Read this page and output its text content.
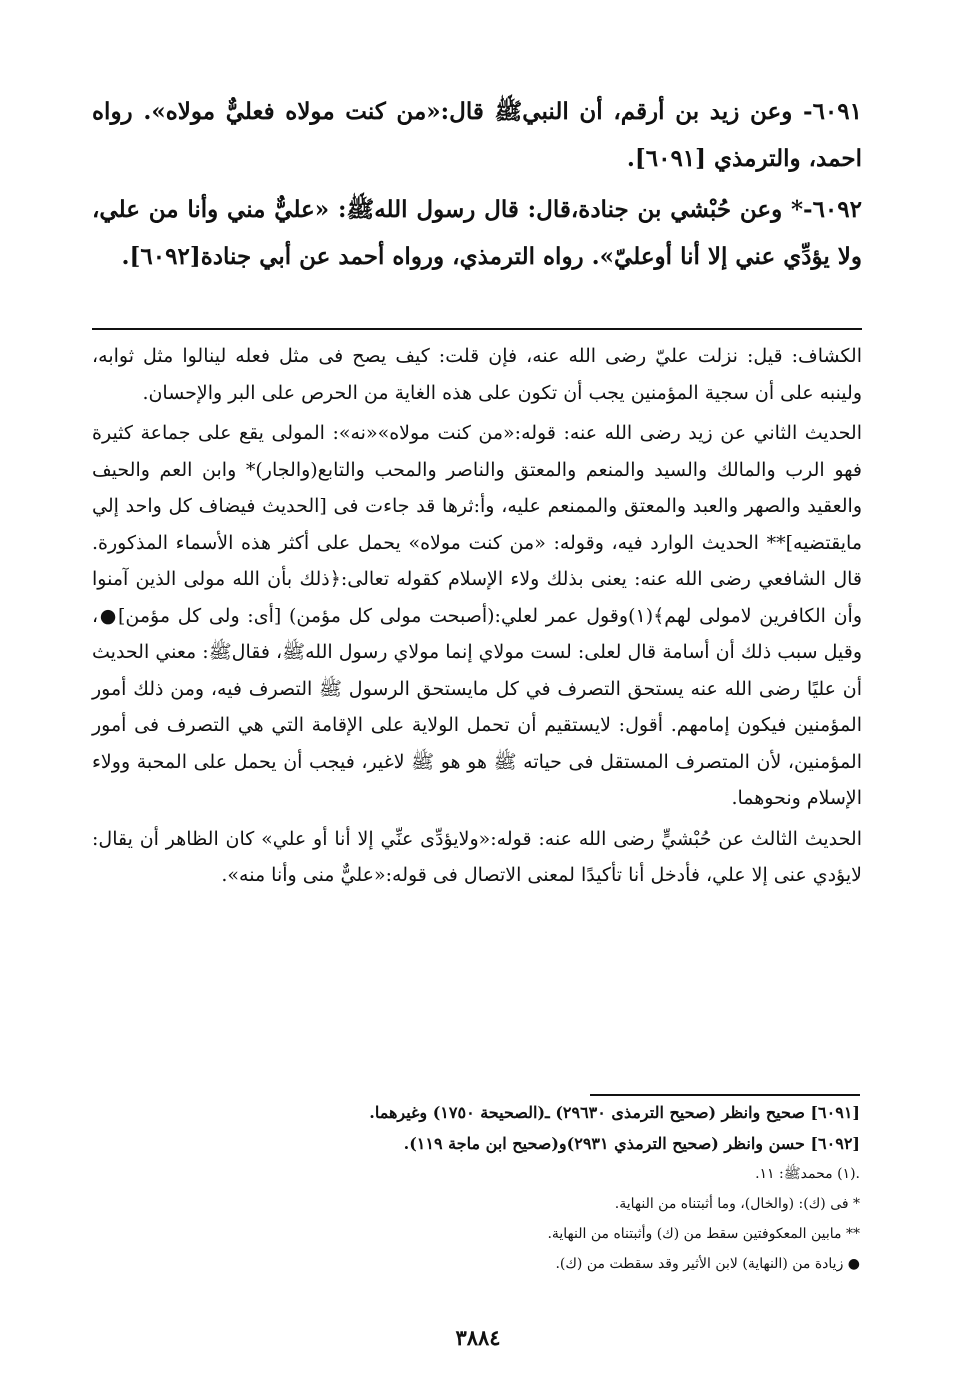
٦٠٩١- وعن زيد بن أرقم، أن النبيﷺ قال:«من كنت مولاه فعليٌّ مولاه». رواه احمد، والترمذي [٦٠٩١].

٦٠٩٢-* وعن حُبْشي بن جنادة،قال: قال رسول اللهﷺ: «عليٌّ مني وأنا من علي، ولا يؤدِّي عني إلا أنا أوعليّ». رواه الترمذي، ورواه أحمد عن أبي جنادة[٦٠٩٢].

الكشاف: قيل: نزلت عليّ رضى الله عنه، فإن قلت: كيف يصح فى مثل فعله لينالوا مثل ثوابه، ولينبه على أن سجية المؤمنين يجب أن تكون على هذه الغاية من الحرص على البر والإحسان.

الحديث الثاني عن زيد رضى الله عنه: قوله:«من كنت مولاه»«نه»: المولى يقع على جماعة كثيرة فهو الرب والمالك والسيد والمنعم والمعتق والناصر والمحب والتابع(والجار)* وابن العم والحيف والعقيد والصهر والعبد والمعتق والممنعم عليه، وأ:ثرها قد جاءت فى [الحديث فيضاف كل واحد إلي مايقتضيه]** الحديث الوارد فيه، وقوله: «من كنت مولاه» يحمل على أكثر هذه الأسماء المذكورة. قال الشافعي رضى الله عنه: يعنى بذلك ولاء الإسلام كقوله تعالى:﴿ذلك بأن الله مولى الذين آمنوا وأن الكافرين لامولى لهم﴾(١)وقول عمر لعلي:(أصبحت مولى كل مؤمن) [أى: ولى كل مؤمن]●، وقيل سبب ذلك أن أسامة قال لعلى: لست مولاي إنما مولاي رسول اللهﷺ، فقالﷺ: معني الحديث أن عليًا رضى الله عنه يستحق التصرف في كل مايستحق الرسول ﷺ التصرف فيه، ومن ذلك أمور المؤمنين فيكون إمامهم. أقول: لايستقيم أن تحمل الولاية على الإقامة التي هي التصرف فى أمور المؤمنين، لأن المتصرف المستقل فى حياته ﷺ هو هو ﷺ لاغير، فيجب أن يحمل على المحبة وولاء الإسلام ونحوهما.

الحديث الثالث عن حُبْشيٍّ رضى الله عنه: قوله:«ولايؤدِّى عنِّي إلا أنا أو علي» كان الظاهر أن يقال: لايؤدي عنى إلا علي، فأدخل أنا تأكيدًا لمعنى الاتصال فى قوله:«عليٌّ منى وأنا منه».

[٦٠٩١] صحيح وانظر (صحيح الترمذى ٢٩٦٣٠) ـ(الصحيحة ١٧٥٠) وغيرهما.

[٦٠٩٢] حسن وانظر (صحيح الترمذي ٢٩٣١)و(صحيح ابن ماجة ١١٩).

.(١) محمدﷺ: ١١.

* فى (ك): (والخال)، وما أثبتناه من النهاية.

** مابين المعكوفتين سقط من (ك) وأثبتناه من النهاية.

● زيادة من (النهاية) لابن الأثير وقد سقطت من (ك).

٣٨٨٤
